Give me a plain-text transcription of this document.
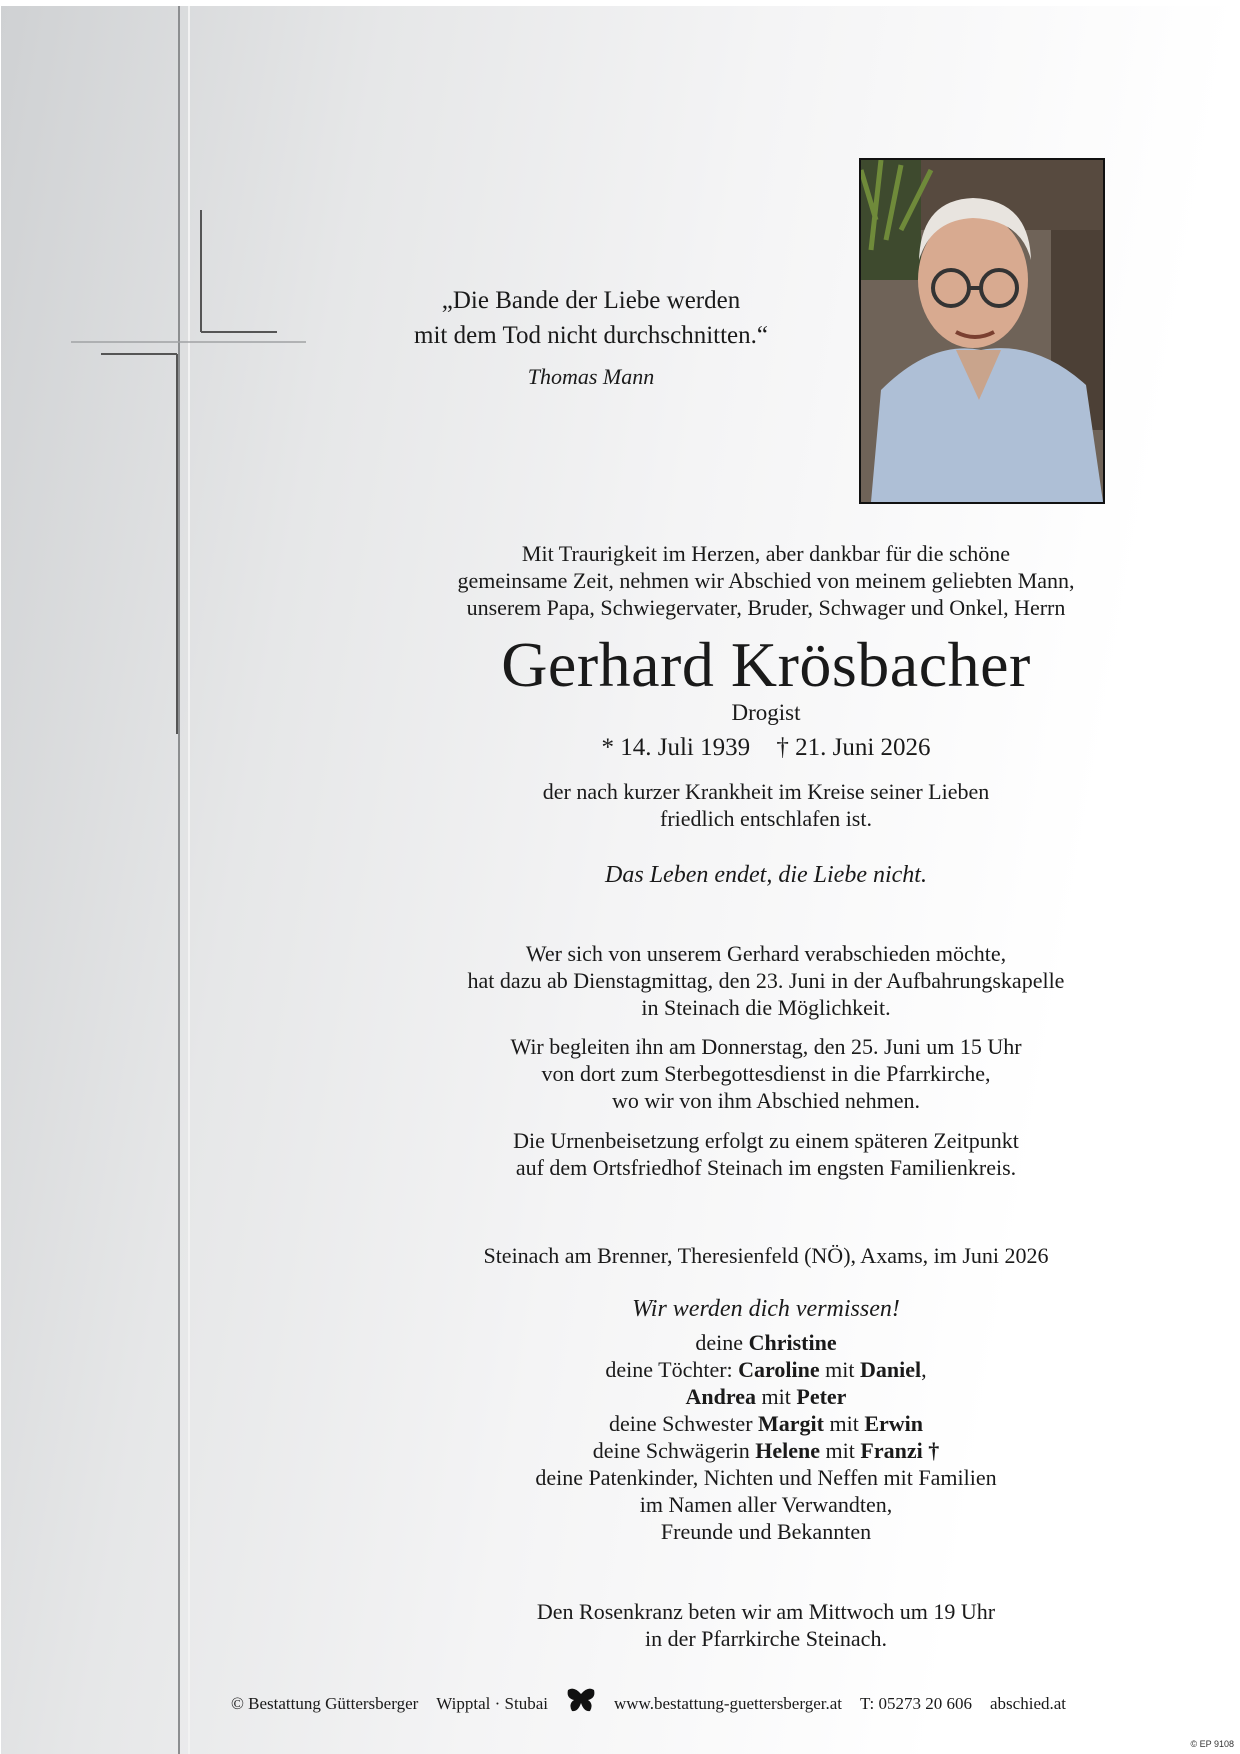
„Die Bande der Liebe werden
mit dem Tod nicht durchschnitten.“
Thomas Mann
Mit Traurigkeit im Herzen, aber dankbar für die schöne
gemeinsame Zeit, nehmen wir Abschied von meinem geliebten Mann,
unserem Papa, Schwiegervater, Bruder, Schwager und Onkel, Herrn
Gerhard Krösbacher
Drogist
* 14. Juli 1939 † 21. Juni 2026
der nach kurzer Krankheit im Kreise seiner Lieben
friedlich entschlafen ist.
Das Leben endet, die Liebe nicht.
Wer sich von unserem Gerhard verabschieden möchte,
hat dazu ab Dienstagmittag, den 23. Juni in der Aufbahrungskapelle
in Steinach die Möglichkeit.
Wir begleiten ihn am Donnerstag, den 25. Juni um 15 Uhr
von dort zum Sterbegottesdienst in die Pfarrkirche,
wo wir von ihm Abschied nehmen.
Die Urnenbeisetzung erfolgt zu einem späteren Zeitpunkt
auf dem Ortsfriedhof Steinach im engsten Familienkreis.
Steinach am Brenner, Theresienfeld (NÖ), Axams, im Juni 2026
Wir werden dich vermissen!
deine Christine
deine Töchter: Caroline mit Daniel,
Andrea mit Peter
deine Schwester Margit mit Erwin
deine Schwägerin Helene mit Franzi †
deine Patenkinder, Nichten und Neffen mit Familien
im Namen aller Verwandten,
Freunde und Bekannten
Den Rosenkranz beten wir am Mittwoch um 19 Uhr
in der Pfarrkirche Steinach.
© Bestattung Güttersberger Wipptal · Stubai	www.bestattung-guettersberger.at T: 05273 20 606 abschied.at
© EP 9108
